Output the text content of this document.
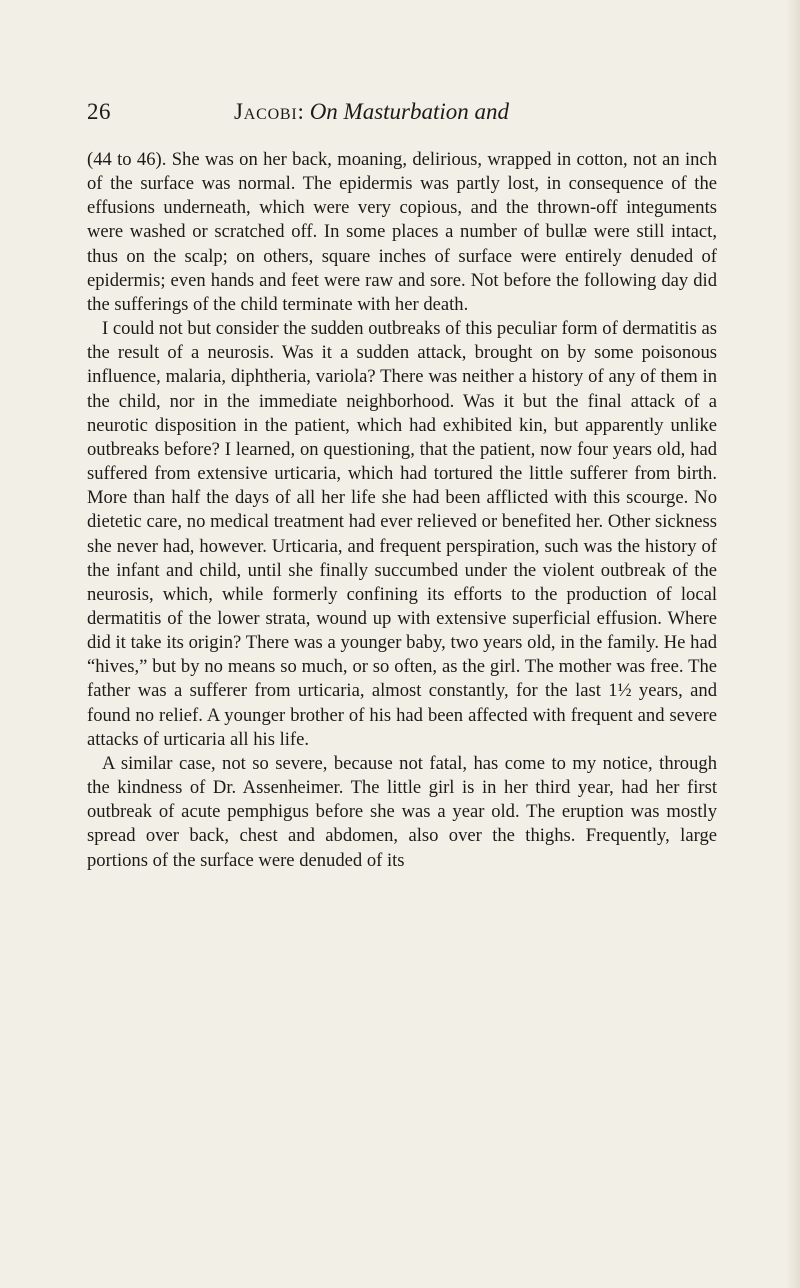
26	Jacobi: On Masturbation and

(44 to 46). She was on her back, moaning, delirious, wrapped in cotton, not an inch of the surface was normal. The epidermis was partly lost, in consequence of the effusions underneath, which were very copious, and the thrown-off integuments were washed or scratched off. In some places a number of bullæ were still intact, thus on the scalp; on others, square inches of surface were entirely denuded of epidermis; even hands and feet were raw and sore. Not before the following day did the sufferings of the child terminate with her death.

I could not but consider the sudden outbreaks of this peculiar form of dermatitis as the result of a neurosis. Was it a sudden attack, brought on by some poisonous influence, malaria, diphtheria, variola? There was neither a history of any of them in the child, nor in the immediate neighborhood. Was it but the final attack of a neurotic disposition in the patient, which had exhibited kin, but apparently unlike outbreaks before? I learned, on questioning, that the patient, now four years old, had suffered from extensive urticaria, which had tortured the little sufferer from birth. More than half the days of all her life she had been afflicted with this scourge. No dietetic care, no medical treatment had ever relieved or benefited her. Other sickness she never had, however. Urticaria, and frequent perspiration, such was the history of the infant and child, until she finally succumbed under the violent outbreak of the neurosis, which, while formerly confining its efforts to the production of local dermatitis of the lower strata, wound up with extensive superficial effusion. Where did it take its origin? There was a younger baby, two years old, in the family. He had “hives,” but by no means so much, or so often, as the girl. The mother was free. The father was a sufferer from urticaria, almost constantly, for the last 1½ years, and found no relief. A younger brother of his had been affected with frequent and severe attacks of urticaria all his life.

A similar case, not so severe, because not fatal, has come to my notice, through the kindness of Dr. Assenheimer. The little girl is in her third year, had her first outbreak of acute pemphigus before she was a year old. The eruption was mostly spread over back, chest and abdomen, also over the thighs. Frequently, large portions of the surface were denuded of its
